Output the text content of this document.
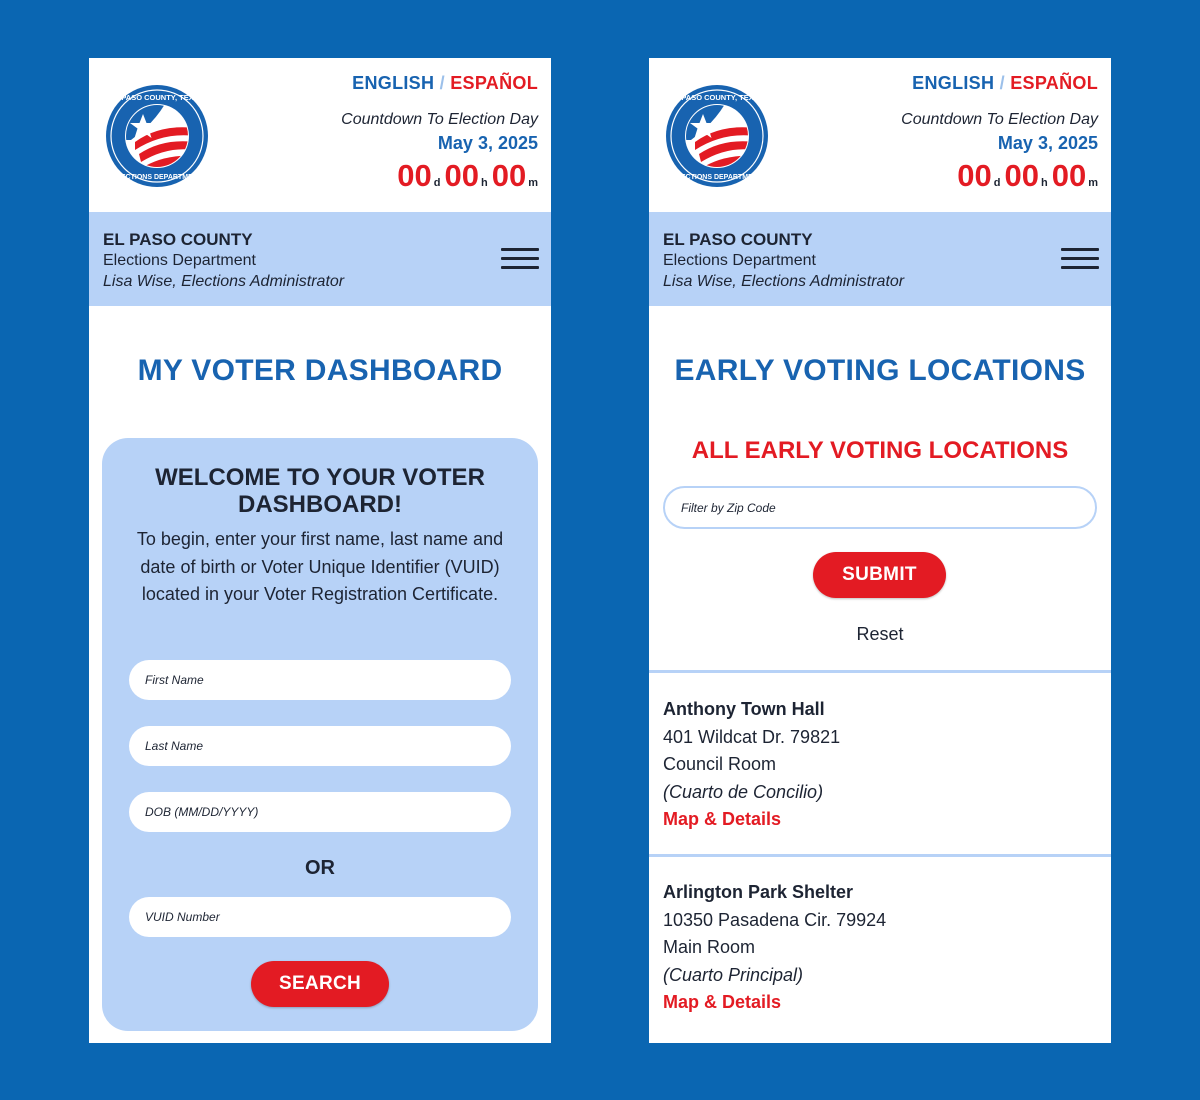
EL PASO COUNTY, TEXAS
ELECTIONS DEPARTMENT
ENGLISH / ESPAÑOL
Countdown To Election Day
May 3, 2025
00 d 00 h 00 m
EL PASO COUNTY
Elections Department
Lisa Wise, Elections Administrator
MY VOTER DASHBOARD
WELCOME TO YOUR VOTER DASHBOARD!
To begin, enter your first name, last name and date of birth or Voter Unique Identifier (VUID) located in your Voter Registration Certificate.
First Name
Last Name
DOB (MM/DD/YYYY)
OR
VUID Number
SEARCH
EL PASO COUNTY, TEXAS
ELECTIONS DEPARTMENT
ENGLISH / ESPAÑOL
Countdown To Election Day
May 3, 2025
00 d 00 h 00 m
EL PASO COUNTY
Elections Department
Lisa Wise, Elections Administrator
EARLY VOTING LOCATIONS
ALL EARLY VOTING LOCATIONS
Filter by Zip Code
SUBMIT
Reset
Anthony Town Hall
401 Wildcat Dr. 79821
Council Room
(Cuarto de Concilio)
Map & Details
Arlington Park Shelter
10350 Pasadena Cir. 79924
Main Room
(Cuarto Principal)
Map & Details
